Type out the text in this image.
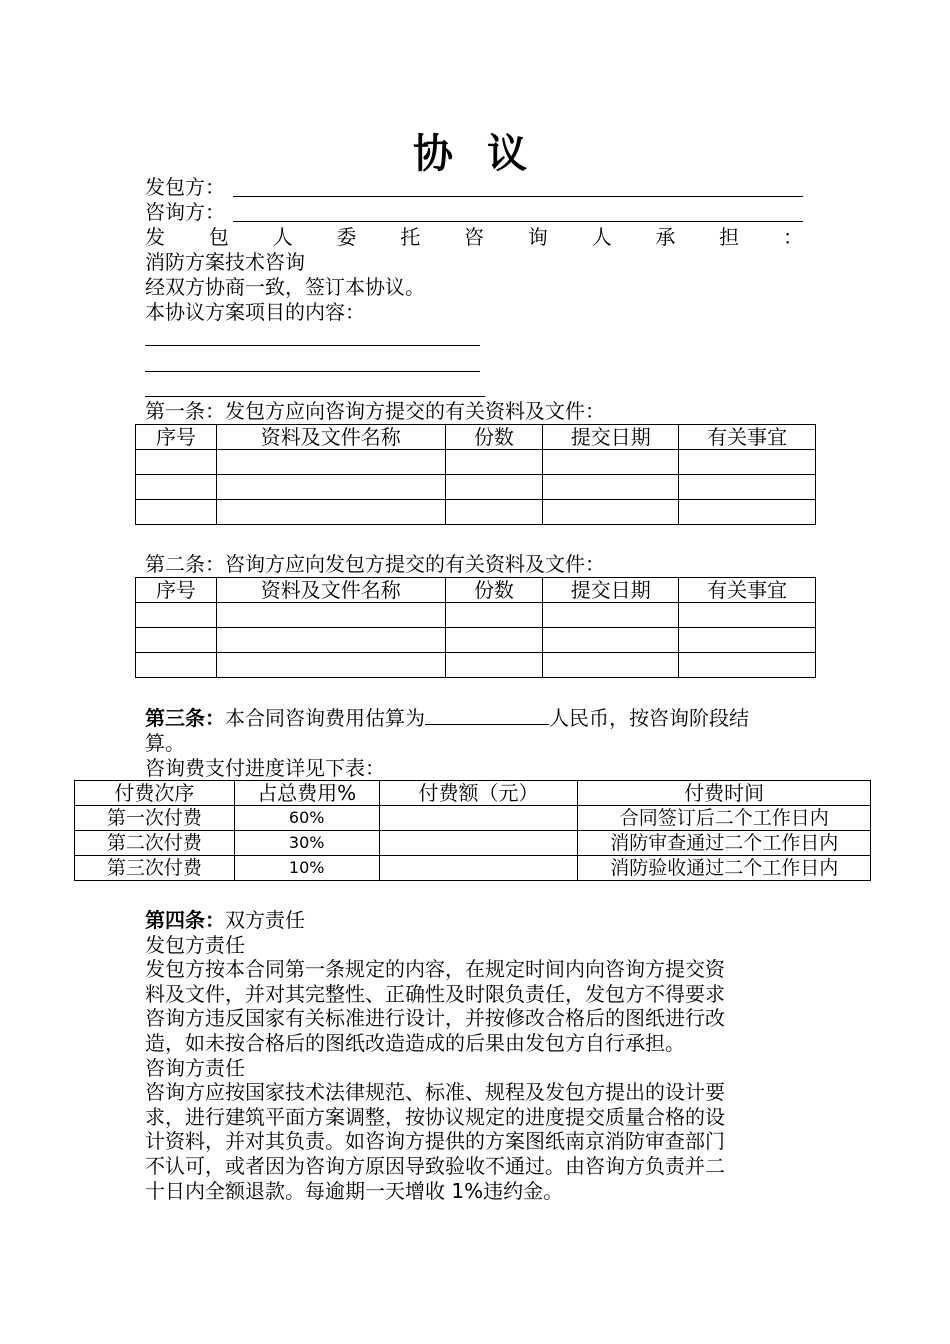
协 议
发包方：
咨询方：
发 包 人 委 托 咨 询 人 承 担 ：
消防方案技术咨询
经双方协商一致，签订本协议。
本协议方案项目的内容：
第一条：发包方应向咨询方提交的有关资料及文件：
序号	资料及文件名称	份数	提交日期	有关事宜

第二条：咨询方应向发包方提交的有关资料及文件：
序号	资料及文件名称	份数	提交日期	有关事宜

第三条：本合同咨询费用估算为	人民币，按咨询阶段结
算。
咨询费支付进度详见下表：
付费次序	占总费用%	付费额（元）	付费时间
第一次付费	60%		合同签订后二个工作日内
第二次付费	30%		消防审查通过二个工作日内
第三次付费	10%		消防验收通过二个工作日内
第四条：双方责任
发包方责任
发包方按本合同第一条规定的内容，在规定时间内向咨询方提交资
料及文件，并对其完整性、正确性及时限负责任，发包方不得要求
咨询方违反国家有关标准进行设计，并按修改合格后的图纸进行改
造，如未按合格后的图纸改造造成的后果由发包方自行承担。
咨询方责任
咨询方应按国家技术法律规范、标准、规程及发包方提出的设计要
求，进行建筑平面方案调整，按协议规定的进度提交质量合格的设
计资料，并对其负责。如咨询方提供的方案图纸南京消防审查部门
不认可，或者因为咨询方原因导致验收不通过。由咨询方负责并二
十日内全额退款。每逾期一天增收 1%违约金。
